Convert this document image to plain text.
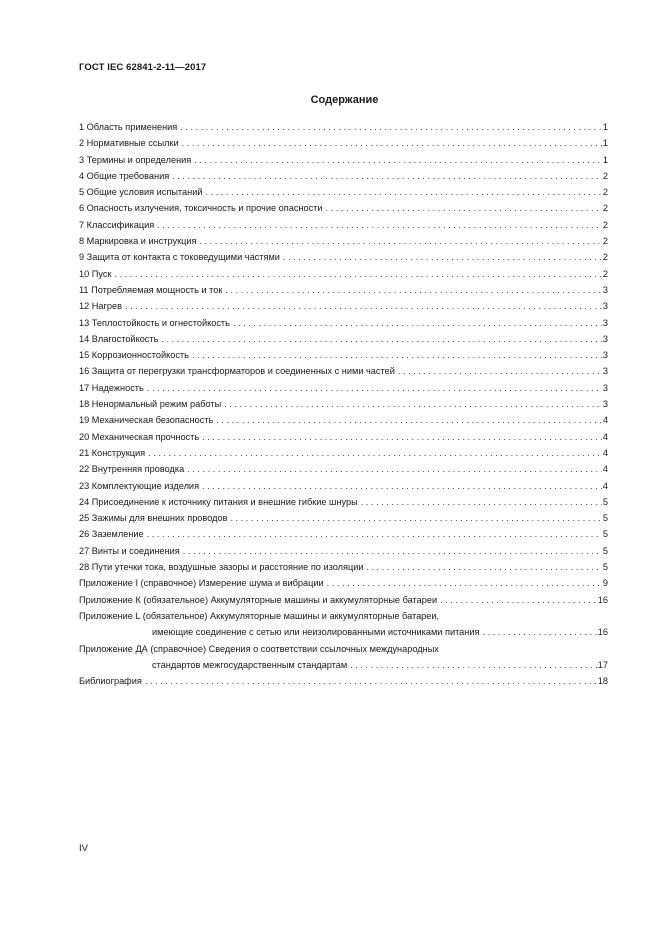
ГОСТ IEC 62841-2-11—2017
Содержание
1 Область применения . . .	1
2 Нормативные ссылки . . .	1
3 Термины и определения . . .	1
4 Общие требования . . .	2
5 Общие условия испытаний . . .	2
6 Опасность излучения, токсичность и прочие опасности . . .	2
7 Классификация . . .	2
8 Маркировка и инструкция . . .	2
9 Защита от контакта с токоведущими частями . . .	2
10 Пуск . . .	2
11 Потребляемая мощность и ток . . .	3
12 Нагрев . . .	3
13 Теплостойкость и огнестойкость . . .	3
14 Влагостойкость . . .	3
15 Коррозионностойкость . . .	3
16 Защита от перегрузки трансформаторов и соединенных с ними частей . . .	3
17 Надежность . . .	3
18 Ненормальный режим работы . . .	3
19 Механическая безопасность . . .	4
20 Механическая прочность . . .	4
21 Конструкция . . .	4
22 Внутренняя проводка . . .	4
23 Комплектующие изделия . . .	4
24 Присоединение к источнику питания и внешние гибкие шнуры . . .	5
25 Зажимы для внешних проводов . . .	5
26 Заземление . . .	5
27 Винты и соединения . . .	5
28 Пути утечки тока, воздушные зазоры и расстояние по изоляции . . .	5
Приложение I (справочное) Измерение шума и вибрации . . .	9
Приложение К (обязательное) Аккумуляторные машины и аккумуляторные батареи . . .	16
Приложение L (обязательное) Аккумуляторные машины и аккумуляторные батареи,
имеющие соединение с сетью или неизолированными источниками питания . . .	16
Приложение ДА (справочное) Сведения о соответствии ссылочных международных
стандартов межгосударственным стандартам . . .	17
Библиография . . .	18
IV
